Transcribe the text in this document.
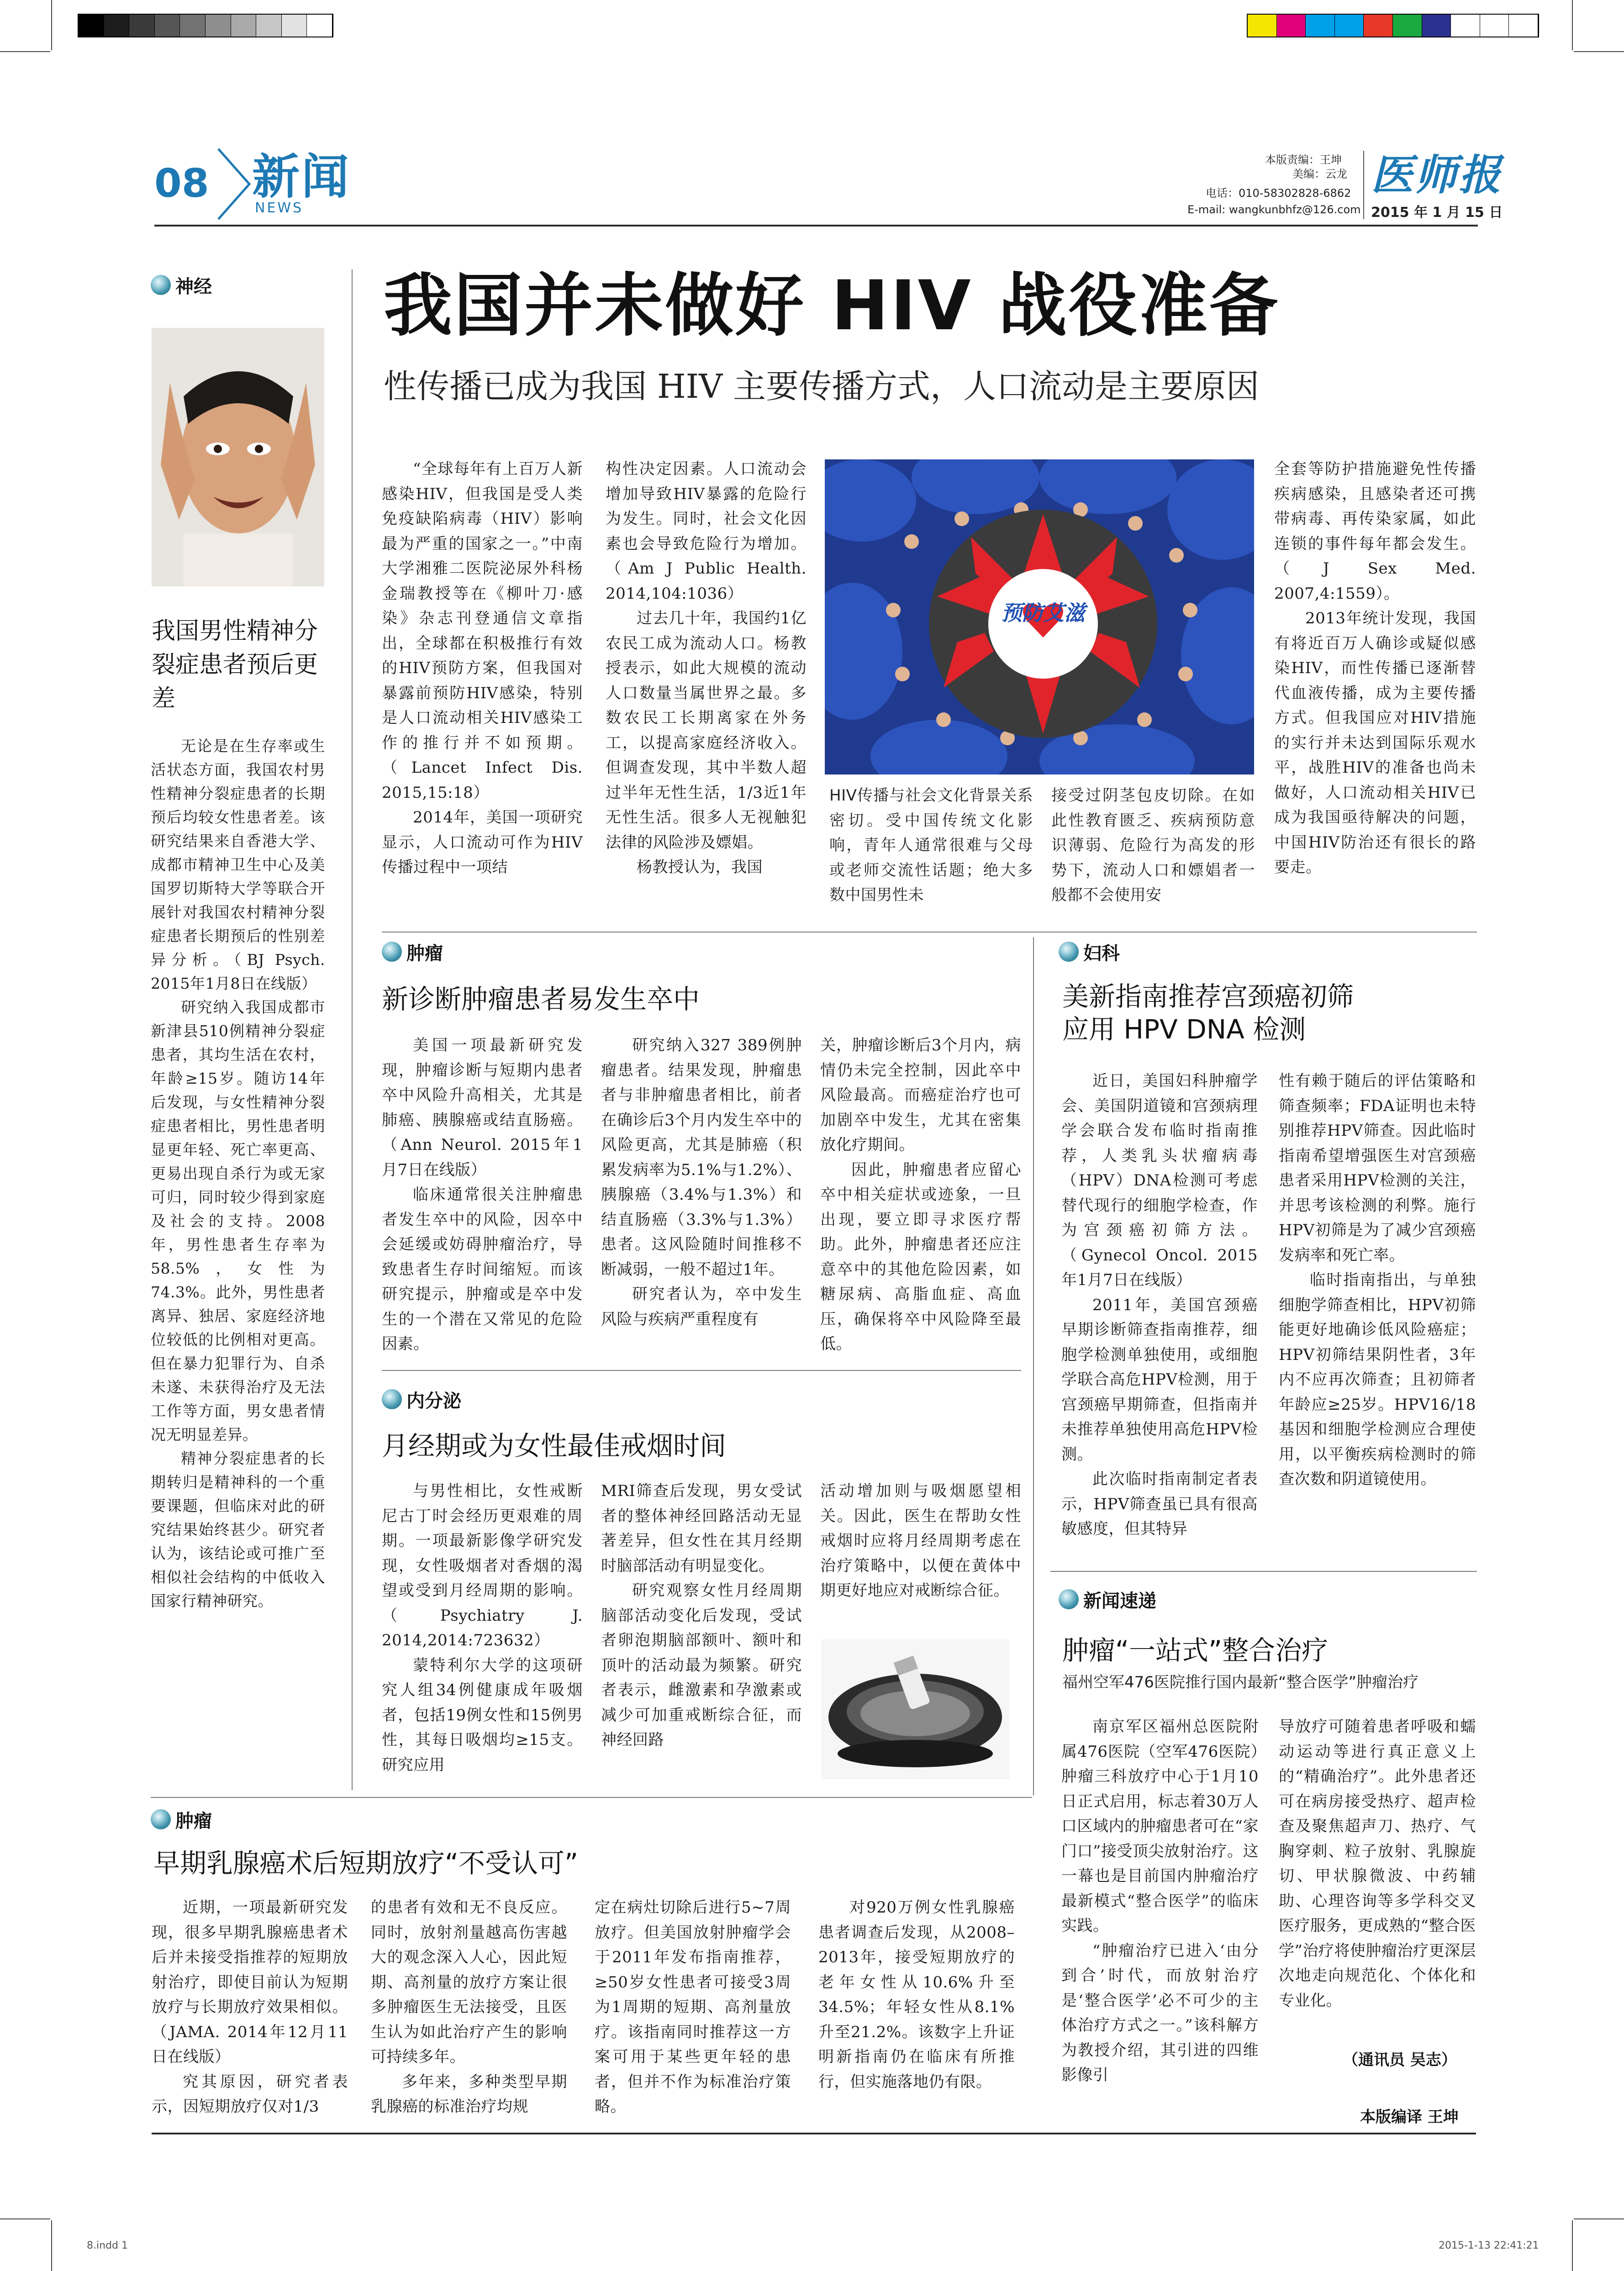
08 新闻
NEWS
本版责编：王坤
美编：云龙
电话：010-58302828-6862
E-mail: wangkunbhfz@126.com
医师报
2015 年 1 月 15 日
神经
我国男性精神分裂症患者预后更差

无论是在生存率或生活状态方面，我国农村男性精神分裂症患者的长期预后均较女性患者差。该研究结果来自香港大学、成都市精神卫生中心及美国罗切斯特大学等联合开展针对我国农村精神分裂症患者长期预后的性别差异分析。（BJ Psych. 2015年1月8日在线版）

研究纳入我国成都市新津县510例精神分裂症患者，其均生活在农村，年龄≥15岁。随访14年后发现，与女性精神分裂症患者相比，男性患者明显更年轻、死亡率更高、更易出现自杀行为或无家可归，同时较少得到家庭及社会的支持。2008年，男性患者生存率为58.5%，女性为74.3%。此外，男性患者离异、独居、家庭经济地位较低的比例相对更高。但在暴力犯罪行为、自杀未遂、未获得治疗及无法工作等方面，男女患者情况无明显差异。

精神分裂症患者的长期转归是精神科的一个重要课题，但临床对此的研究结果始终甚少。研究者认为，该结论或可推广至相似社会结构的中低收入国家行精神研究。

我国并未做好 HIV 战役准备
性传播已成为我国 HIV 主要传播方式，人口流动是主要原因

“全球每年有上百万人新感染HIV，但我国是受人类免疫缺陷病毒（HIV）影响最为严重的国家之一。”中南大学湘雅二医院泌尿外科杨金瑞教授等在《柳叶刀·感染》杂志刊登通信文章指出，全球都在积极推行有效的HIV预防方案，但我国对暴露前预防HIV感染，特别是人口流动相关HIV感染工作的推行并不如预期。（Lancet Infect Dis. 2015,15:18）

2014年，美国一项研究显示，人口流动可作为HIV传播过程中一项结

构性决定因素。人口流动会增加导致HIV暴露的危险行为发生。同时，社会文化因素也会导致危险行为增加。（Am J Public Health. 2014,104:1036）

过去几十年，我国约1亿农民工成为流动人口。杨教授表示，如此大规模的流动人口数量当属世界之最。多数农民工长期离家在外务工，以提高家庭经济收入。但调查发现，其中半数人超过半年无性生活，1/3近1年无性生活。很多人无视触犯法律的风险涉及嫖娼。

杨教授认为，我国

预防艾滋
HIV传播与社会文化背景关系密切。受中国传统文化影响，青年人通常很难与父母或老师交流性话题；绝大多数中国男性未
接受过阴茎包皮切除。在如此性教育匮乏、疾病预防意识薄弱、危险行为高发的形势下，流动人口和嫖娼者一般都不会使用安

全套等防护措施避免性传播疾病感染，且感染者还可携带病毒、再传染家属，如此连锁的事件每年都会发生。（J Sex Med. 2007,4:1559）。

2013年统计发现，我国有将近百万人确诊或疑似感染HIV，而性传播已逐渐替代血液传播，成为主要传播方式。但我国应对HIV措施的实行并未达到国际乐观水平，战胜HIV的准备也尚未做好，人口流动相关HIV已成为我国亟待解决的问题，中国HIV防治还有很长的路要走。

肿瘤
新诊断肿瘤患者易发生卒中

美国一项最新研究发现，肿瘤诊断与短期内患者卒中风险升高相关，尤其是肺癌、胰腺癌或结直肠癌。（Ann Neurol. 2015年1月7日在线版）

临床通常很关注肿瘤患者发生卒中的风险，因卒中会延缓或妨碍肿瘤治疗，导致患者生存时间缩短。而该研究提示，肿瘤或是卒中发生的一个潜在又常见的危险因素。

研究纳入327 389例肿瘤患者。结果发现，肿瘤患者与非肿瘤患者相比，前者在确诊后3个月内发生卒中的风险更高，尤其是肺癌（积累发病率为5.1%与1.2%）、胰腺癌（3.4%与1.3%）和结直肠癌（3.3%与1.3%）患者。这风险随时间推移不断减弱，一般不超过1年。

研究者认为，卒中发生风险与疾病严重程度有

关，肿瘤诊断后3个月内，病情仍未完全控制，因此卒中风险最高。而癌症治疗也可加剧卒中发生，尤其在密集放化疗期间。

因此，肿瘤患者应留心卒中相关症状或迹象，一旦出现，要立即寻求医疗帮助。此外，肿瘤患者还应注意卒中的其他危险因素，如糖尿病、高脂血症、高血压，确保将卒中风险降至最低。

内分泌
月经期或为女性最佳戒烟时间

与男性相比，女性戒断尼古丁时会经历更艰难的周期。一项最新影像学研究发现，女性吸烟者对香烟的渴望或受到月经周期的影响。（Psychiatry J. 2014,2014:723632）

蒙特利尔大学的这项研究人组34例健康成年吸烟者，包括19例女性和15例男性，其每日吸烟均≥15支。研究应用

MRI筛查后发现，男女受试者的整体神经回路活动无显著差异，但女性在其月经期时脑部活动有明显变化。

研究观察女性月经周期脑部活动变化后发现，受试者卵泡期脑部额叶、额叶和顶叶的活动最为频繁。研究者表示，雌激素和孕激素或减少可加重戒断综合征，而神经回路

活动增加则与吸烟愿望相关。因此，医生在帮助女性戒烟时应将月经周期考虑在治疗策略中，以便在黄体中期更好地应对戒断综合征。

妇科
美新指南推荐宫颈癌初筛
应用 HPV DNA 检测

近日，美国妇科肿瘤学会、美国阴道镜和宫颈病理学会联合发布临时指南推荐，人类乳头状瘤病毒（HPV）DNA检测可考虑替代现行的细胞学检查，作为宫颈癌初筛方法。（Gynecol Oncol. 2015年1月7日在线版）

2011年，美国宫颈癌早期诊断筛查指南推荐，细胞学检测单独使用，或细胞学联合高危HPV检测，用于宫颈癌早期筛查，但指南并未推荐单独使用高危HPV检测。

此次临时指南制定者表示，HPV筛查虽已具有很高敏感度，但其特异

性有赖于随后的评估策略和筛查频率；FDA证明也未特别推荐HPV筛查。因此临时指南希望增强医生对宫颈癌患者采用HPV检测的关注，并思考该检测的利弊。施行HPV初筛是为了减少宫颈癌发病率和死亡率。

临时指南指出，与单独细胞学筛查相比，HPV初筛能更好地确诊低风险癌症；HPV初筛结果阴性者，3年内不应再次筛查；且初筛者年龄应≥25岁。HPV16/18基因和细胞学检测应合理使用，以平衡疾病检测时的筛查次数和阴道镜使用。

新闻速递
肿瘤“一站式”整合治疗
福州空军476医院推行国内最新“整合医学”肿瘤治疗

南京军区福州总医院附属476医院（空军476医院）肿瘤三科放疗中心于1月10日正式启用，标志着30万人口区域内的肿瘤患者可在“家门口”接受顶尖放射治疗。这一幕也是目前国内肿瘤治疗最新模式“整合医学”的临床实践。

“肿瘤治疗已进入‘由分到合’时代，而放射治疗是‘整合医学’必不可少的主体治疗方式之一。”该科解方为教授介绍，其引进的四维影像引

导放疗可随着患者呼吸和蠕动运动等进行真正意义上的“精确治疗”。此外患者还可在病房接受热疗、超声检查及聚焦超声刀、热疗、气胸穿刺、粒子放射、乳腺旋切、甲状腺微波、中药辅助、心理咨询等多学科交叉医疗服务，更成熟的“整合医学”治疗将使肿瘤治疗更深层次地走向规范化、个体化和专业化。

（通讯员 吴志）
肿瘤
早期乳腺癌术后短期放疗“不受认可”

近期，一项最新研究发现，很多早期乳腺癌患者术后并未接受指推荐的短期放射治疗，即使目前认为短期放疗与长期放疗效果相似。（JAMA. 2014年12月11日在线版）

究其原因，研究者表示，因短期放疗仅对1/3

的患者有效和无不良反应。同时，放射剂量越高伤害越大的观念深入人心，因此短期、高剂量的放疗方案让很多肿瘤医生无法接受，且医生认为如此治疗产生的影响可持续多年。

多年来，多种类型早期乳腺癌的标准治疗均规

定在病灶切除后进行5~7周放疗。但美国放射肿瘤学会于2011年发布指南推荐，≥50岁女性患者可接受3周为1周期的短期、高剂量放疗。该指南同时推荐这一方案可用于某些更年轻的患者，但并不作为标准治疗策略。

对920万例女性乳腺癌患者调查后发现，从2008–2013年，接受短期放疗的老年女性从10.6%升至34.5%；年轻女性从8.1%升至21.2%。该数字上升证明新指南仍在临床有所推行，但实施落地仍有限。

本版编译 王坤
8.indd 1	2015-1-13 22:41:21
